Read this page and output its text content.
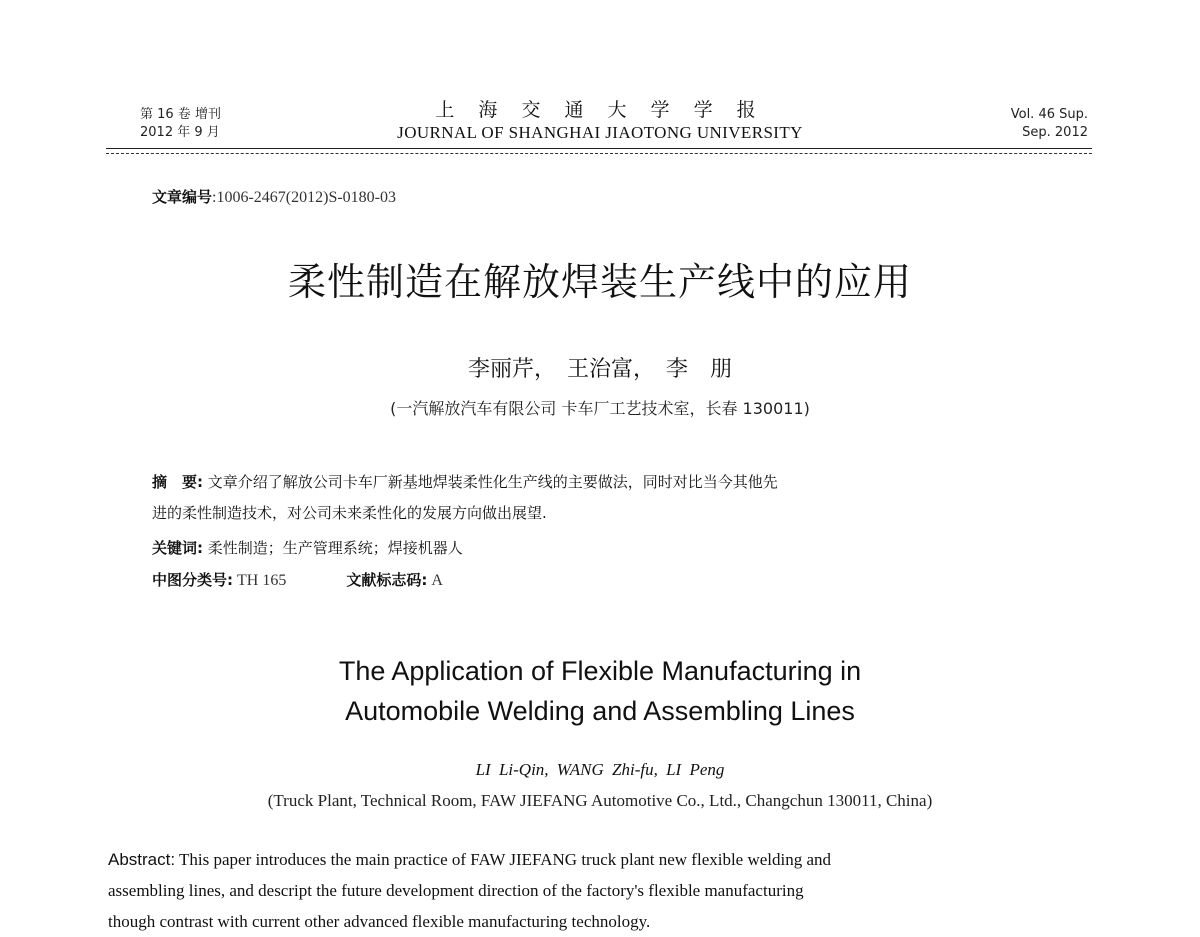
第 16 卷 增刊
2012 年 9 月
上 海 交 通 大 学 学 报
JOURNAL OF SHANGHAI JIAOTONG UNIVERSITY
Vol. 46 Sup.
Sep. 2012
文章编号:1006-2467(2012)S-0180-03
柔性制造在解放焊装生产线中的应用
李丽芹，　王治富，　李　朋
(一汽解放汽车有限公司 卡车厂工艺技术室，长春 130011)
摘　要: 文章介绍了解放公司卡车厂新基地焊装柔性化生产线的主要做法，同时对比当今其他先
进的柔性制造技术，对公司未来柔性化的发展方向做出展望.
关键词: 柔性制造；生产管理系统；焊接机器人
中图分类号: TH 165	文献标志码: A
The Application of Flexible Manufacturing in
Automobile Welding and Assembling Lines
LI Li-Qin, WANG Zhi-fu, LI Peng
(Truck Plant, Technical Room, FAW JIEFANG Automotive Co., Ltd., Changchun 130011, China)
Abstract: This paper introduces the main practice of FAW JIEFANG truck plant new flexible welding and
assembling lines, and descript the future development direction of the factory's flexible manufacturing
though contrast with current other advanced flexible manufacturing technology.
